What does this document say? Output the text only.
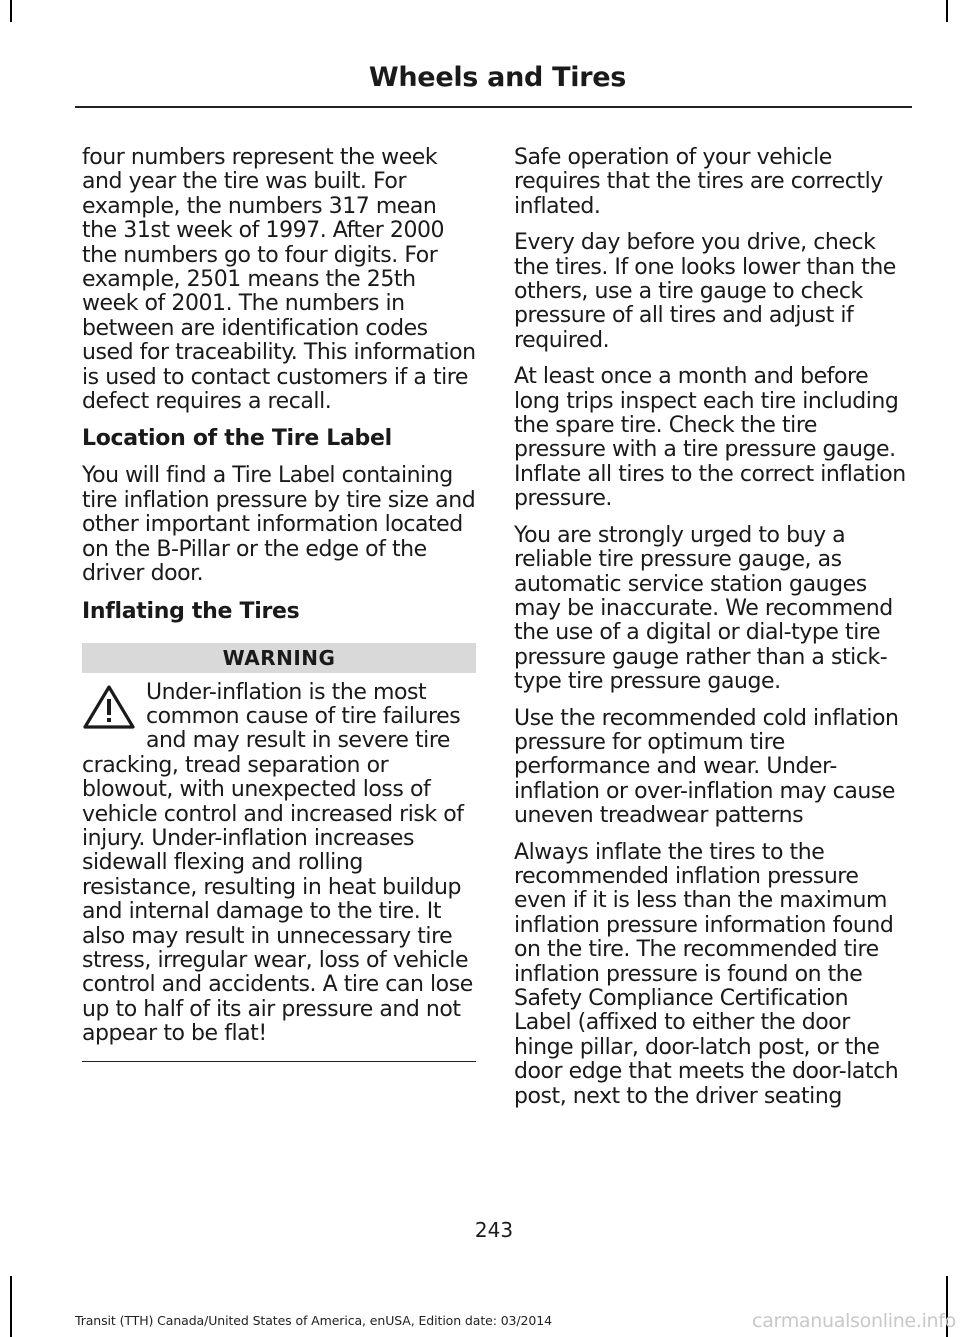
Wheels and Tires

four numbers represent the week and year the tire was built. For example, the numbers 317 mean the 31st week of 1997. After 2000 the numbers go to four digits. For example, 2501 means the 25th week of 2001. The numbers in between are identification codes used for traceability. This information is used to contact customers if a tire defect requires a recall.

Location of the Tire Label

You will find a Tire Label containing tire inflation pressure by tire size and other important information located on the B-Pillar or the edge of the driver door.

Inflating the Tires
WARNING

Under-inflation is the most common cause of tire failures and may result in severe tire cracking, tread separation or blowout, with unexpected loss of vehicle control and increased risk of injury. Under-inflation increases sidewall flexing and rolling resistance, resulting in heat buildup and internal damage to the tire. It also may result in unnecessary tire stress, irregular wear, loss of vehicle control and accidents. A tire can lose up to half of its air pressure and not appear to be flat!

Safe operation of your vehicle requires that the tires are correctly inflated.

Every day before you drive, check the tires. If one looks lower than the others, use a tire gauge to check pressure of all tires and adjust if required.

At least once a month and before long trips inspect each tire including the spare tire. Check the tire pressure with a tire pressure gauge. Inflate all tires to the correct inflation pressure.

You are strongly urged to buy a reliable tire pressure gauge, as automatic service station gauges may be inaccurate. We recommend the use of a digital or dial-type tire pressure gauge rather than a stick-type tire pressure gauge.

Use the recommended cold inflation pressure for optimum tire performance and wear. Under-inflation or over-inflation may cause uneven treadwear patterns

Always inflate the tires to the recommended inflation pressure even if it is less than the maximum inflation pressure information found on the tire. The recommended tire inflation pressure is found on the Safety Compliance Certification Label (affixed to either the door hinge pillar, door-latch post, or the door edge that meets the door-latch post, next to the driver seating

243
Transit (TTH) Canada/United States of America, enUSA, Edition date: 03/2014	carmanualsonline.info
